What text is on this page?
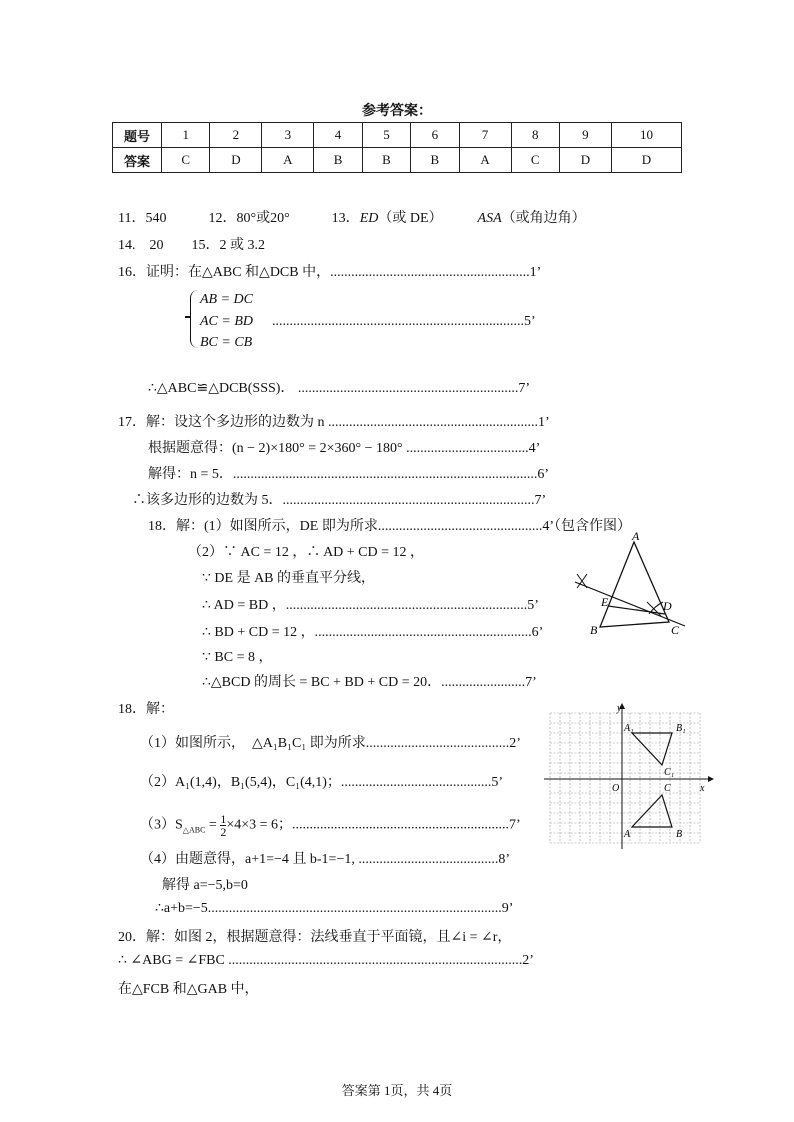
参考答案：
题号	1	2	3	4	5	6	7	8	9	10
答案	C	D	A	B	B	B	A	C	D	D
11．540　　　12．80°或20°　　　13．ED（或 DE）　　　ASA（或角边角）
14.　20　　15．2 或 3.2
16．证明：在△ABC 和△DCB 中，.........................................................1’
AB = DC
AC = BD
BC = CB
........................................................................5’
∴△ABC≌△DCB(SSS)． ...............................................................7’
17．解：设这个多边形的边数为 n ............................................................1’
根据题意得：(n − 2)×180° = 2×360° − 180° ...................................4’
解得：n = 5．.......................................................................................6’
∴该多边形的边数为 5．........................................................................7’
18．解：(1）如图所示，DE 即为所求...............................................4’（包含作图）
（2）∵ AC = 12 ，∴ AD + CD = 12 ，
∵ DE 是 AB 的垂直平分线，
∴ AD = BD ，.....................................................................5’
∴ BD + CD = 12 ，..............................................................6’
∵ BC = 8 ，
∴△BCD 的周长 = BC + BD + CD = 20．........................7’
A
B	C
D
E
18．解：
（1）如图所示，　△A₁B₁C₁ 即为所求.........................................2’
（2）A₁(1,4)，B₁(5,4)，C₁(4,1)；...........................................5’
$(3)S_{\triangle ABC} = \frac{1}{2} \times 4\times 3 = 6$；..............................................................7’
（4）由题意得，a+1=−4 且 b-1=−1, ........................................8’
解得 a=−5,b=0
∴a+b=−5....................................................................................9’
y
x
O
A₁	B₁
C₁
A	B
C
20．解：如图 2，根据题意得：法线垂直于平面镜，且∠i = ∠r，
∴ ∠ABG = ∠FBC ....................................................................................2’
在△FCB 和△GAB 中，
答案第 1页，共 4页
